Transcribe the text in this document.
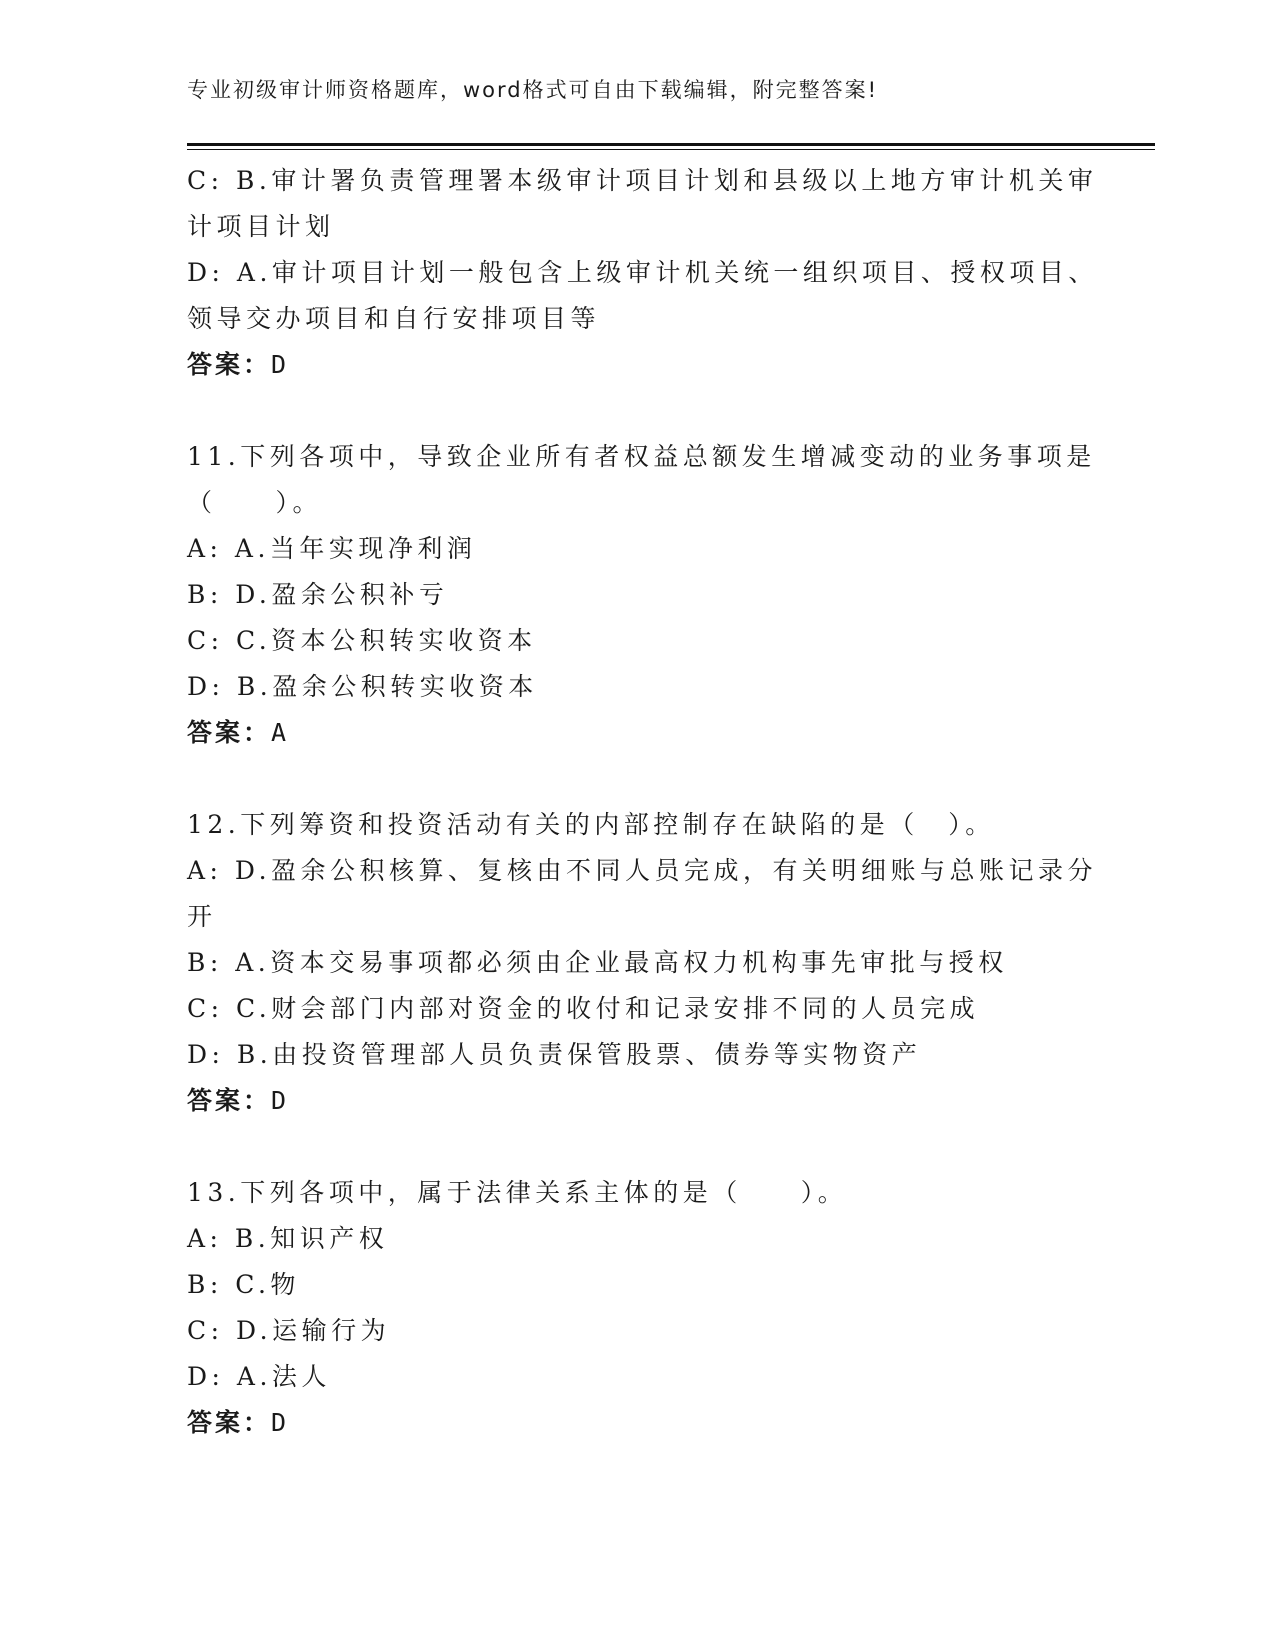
专业初级审计师资格题库，word格式可自由下载编辑，附完整答案!
C: B.审计署负责管理署本级审计项目计划和县级以上地方审计机关审
计项目计划
D: A.审计项目计划一般包含上级审计机关统一组织项目、授权项目、
领导交办项目和自行安排项目等
答案：D
11.下列各项中，导致企业所有者权益总额发生增减变动的业务事项是
（　　）。
A: A.当年实现净利润
B: D.盈余公积补亏
C: C.资本公积转实收资本
D: B.盈余公积转实收资本
答案：A
12.下列筹资和投资活动有关的内部控制存在缺陷的是（　）。
A: D.盈余公积核算、复核由不同人员完成，有关明细账与总账记录分
开
B: A.资本交易事项都必须由企业最高权力机构事先审批与授权
C: C.财会部门内部对资金的收付和记录安排不同的人员完成
D: B.由投资管理部人员负责保管股票、债券等实物资产
答案：D
13.下列各项中，属于法律关系主体的是（　　）。
A: B.知识产权
B: C.物
C: D.运输行为
D: A.法人
答案：D
